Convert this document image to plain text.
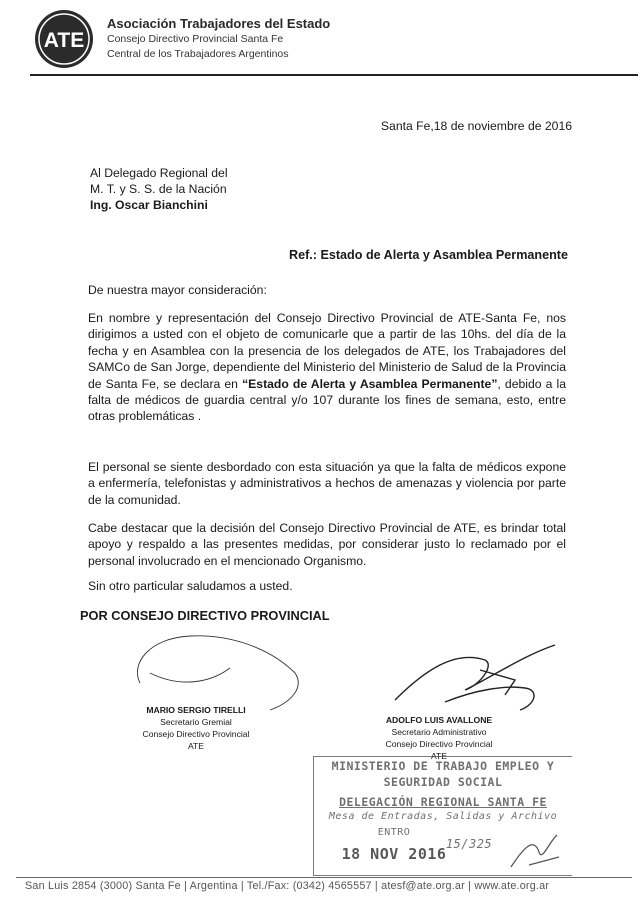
ATE
Asociación Trabajadores del Estado
Consejo Directivo Provincial Santa Fe
Central de los Trabajadores Argentinos
Santa Fe,18 de noviembre de 2016
Al Delegado Regional del
M. T. y S. S. de la Nación
Ing. Oscar Bianchini
Ref.: Estado de Alerta y Asamblea Permanente
De nuestra mayor consideración:
En nombre y representación del Consejo Directivo Provincial de ATE-Santa Fe, nos dirigimos a usted con el objeto de comunicarle que a partir de las 10hs. del día de la fecha y en Asamblea con la presencia de los delegados de ATE, los Trabajadores del SAMCo de San Jorge, dependiente del Ministerio del Ministerio de Salud de la Provincia de Santa Fe, se declara en “Estado de Alerta y Asamblea Permanente”, debido a la falta de médicos de guardia central y/o 107 durante los fines de semana, esto, entre otras problemáticas .
El personal se siente desbordado con esta situación ya que la falta de médicos expone a enfermería, telefonistas y administrativos a hechos de amenazas y violencia por parte de la comunidad.
Cabe destacar que la decisión del Consejo Directivo Provincial de ATE, es brindar total apoyo y respaldo a las presentes medidas, por considerar justo lo reclamado por el personal involucrado en el mencionado Organismo.
Sin otro particular saludamos a usted.
POR CONSEJO DIRECTIVO PROVINCIAL
MARIO SERGIO TIRELLI
Secretario Gremial
Consejo Directivo Provincial
ATE
ADOLFO LUIS AVALLONE
Secretario Administrativo
Consejo Directivo Provincial
ATE
MINISTERIO DE TRABAJO EMPLEO Y
SEGURIDAD SOCIAL
DELEGACIÓN REGIONAL SANTA FE
Mesa de Entradas, Salidas y Archivo
ENTRO
18 NOV 2016
15/325
San Luis 2854 (3000) Santa Fe | Argentina | Tel./Fax: (0342) 4565557 | atesf@ate.org.ar | www.ate.org.ar
